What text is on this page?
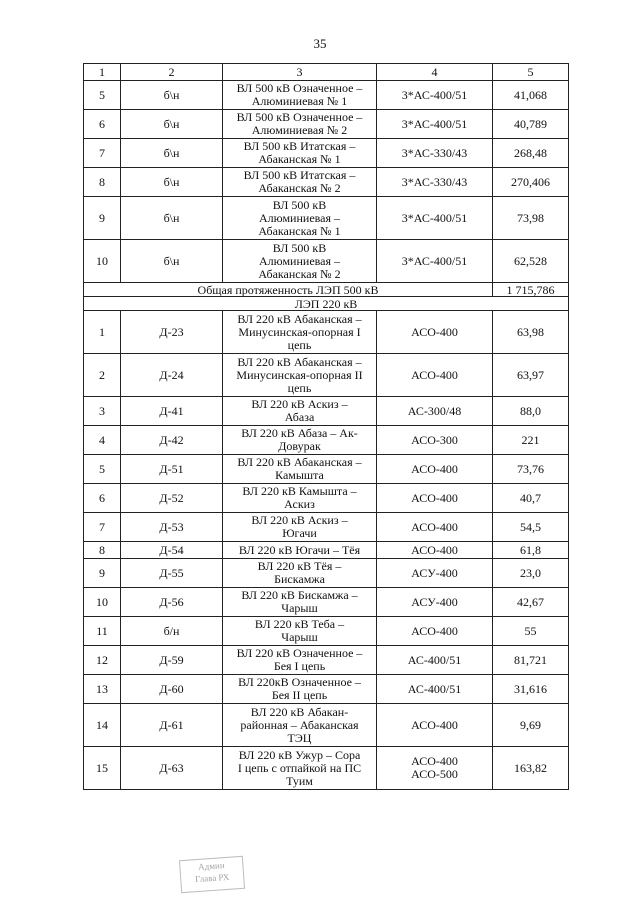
35
1	2	3	4	5
5	б\н	ВЛ 500 кВ Означенное –
Алюминиевая № 1	3*АС-400/51	41,068
6	б\н	ВЛ 500 кВ Означенное –
Алюминиевая № 2	3*АС-400/51	40,789
7	б\н	ВЛ 500 кВ Итатская –
Абаканская № 1	3*АС-330/43	268,48
8	б\н	ВЛ 500 кВ Итатская –
Абаканская № 2	3*АС-330/43	270,406
9	б\н	ВЛ 500 кВ
Алюминиевая –
Абаканская № 1	3*АС-400/51	73,98
10	б\н	ВЛ 500 кВ
Алюминиевая –
Абаканская № 2	3*АС-400/51	62,528
Общая протяженность ЛЭП 500 кВ				1 715,786
ЛЭП 220 кВ				
1	Д-23	ВЛ 220 кВ Абаканская –
Минусинская-опорная I
цепь	АСО-400	63,98
2	Д-24	ВЛ 220 кВ Абаканская –
Минусинская-опорная II
цепь	АСО-400	63,97
3	Д-41	ВЛ 220 кВ Аскиз –
Абаза	АС-300/48	88,0
4	Д-42	ВЛ 220 кВ Абаза – Ак-
Довурак	АСО-300	221
5	Д-51	ВЛ 220 кВ Абаканская –
Камышта	АСО-400	73,76
6	Д-52	ВЛ 220 кВ Камышта –
Аскиз	АСО-400	40,7
7	Д-53	ВЛ 220 кВ Аскиз –
Югачи	АСО-400	54,5
8	Д-54	ВЛ 220 кВ Югачи – Тёя	АСО-400	61,8
9	Д-55	ВЛ 220 кВ Тёя –
Бискамжа	АСУ-400	23,0
10	Д-56	ВЛ 220 кВ Бискамжа –
Чарыш	АСУ-400	42,67
11	б/н	ВЛ 220 кВ Теба –
Чарыш	АСО-400	55
12	Д-59	ВЛ 220 кВ Означенное –
Бея I цепь	АС-400/51	81,721
13	Д-60	ВЛ 220кВ Означенное –
Бея II цепь	АС-400/51	31,616
14	Д-61	ВЛ 220 кВ Абакан-
районная – Абаканская
ТЭЦ	АСО-400	9,69
15	Д-63	ВЛ 220 кВ Ужур – Сора
I цепь с отпайкой на ПС
Туим	АСО-400
АСО-500	163,82
Админ
Глава РХ
